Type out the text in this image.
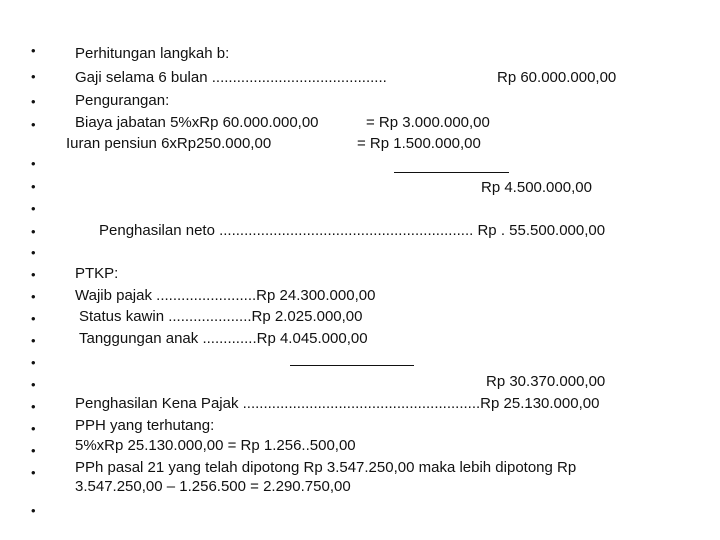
•
•
•
•
•
•
•
•
•
•
•
•
•
•
•
•
•
•
•
•
Perhitungan langkah b:
Gaji selama 6 bulan ..........................................	Rp 60.000.000,00
Pengurangan:
Biaya jabatan 5%xRp 60.000.000,00	= Rp 3.000.000,00
Iuran pensiun 6xRp250.000,00	= Rp 1.500.000,00
Rp 4.500.000,00
Penghasilan neto ............................................................. Rp . 55.500.000,00
PTKP:
Wajib pajak ........................Rp 24.300.000,00
Status kawin ....................Rp 2.025.000,00
Tanggungan anak .............Rp 4.045.000,00
Rp 30.370.000,00
Penghasilan Kena Pajak .........................................................Rp 25.130.000,00
PPH yang terhutang:
5%xRp 25.130.000,00 = Rp 1.256..500,00
PPh pasal 21 yang telah dipotong Rp 3.547.250,00 maka lebih dipotong Rp
3.547.250,00 – 1.256.500 = 2.290.750,00
